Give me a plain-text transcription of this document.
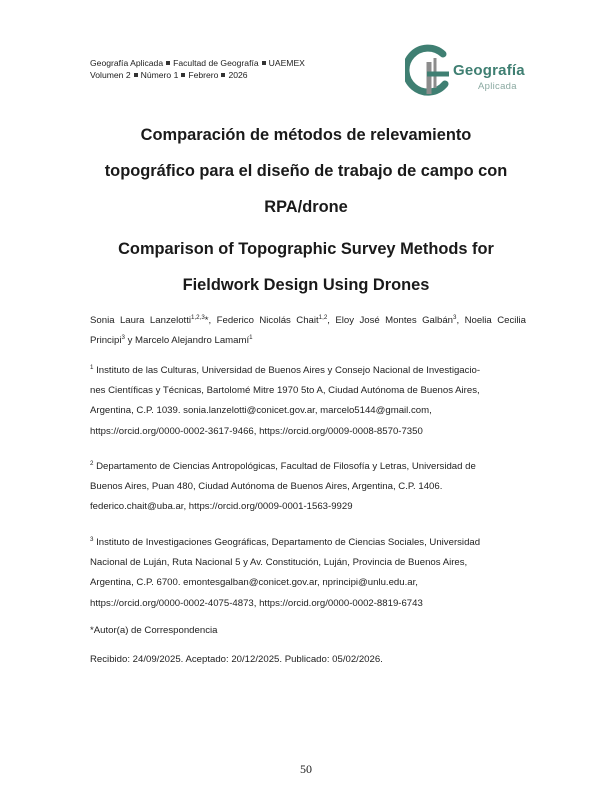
Geografía Aplicada Facultad de Geografía UAEMEX
Volumen 2 Número 1 Febrero 2026	Geografía
Aplicada
Comparación de métodos de relevamiento
topográfico para el diseño de trabajo de campo con
RPA/drone
Comparison of Topographic Survey Methods for
Fieldwork Design Using Drones
Sonia Laura Lanzelotti$^{1,2,3}$*, Federico Nicolás Chait$^{1,2}$, Eloy José Montes Galbán$^3$, Noelia Cecilia Principi$^3$ y Marcelo Alejandro Lamamí$^1$
$^1$ Instituto de las Culturas, Universidad de Buenos Aires y Consejo Nacional de Investigacio-
nes Científicas y Técnicas, Bartolomé Mitre 1970 5to A, Ciudad Autónoma de Buenos Aires,
Argentina, C.P. 1039. sonia.lanzelotti@conicet.gov.ar, marcelo5144@gmail.com,
https://orcid.org/0000-0002-3617-9466, https://orcid.org/0009-0008-8570-7350
$^2$ Departamento de Ciencias Antropológicas, Facultad de Filosofía y Letras, Universidad de
Buenos Aires, Puan 480, Ciudad Autónoma de Buenos Aires, Argentina, C.P. 1406.
federico.chait@uba.ar, https://orcid.org/0009-0001-1563-9929
$^3$ Instituto de Investigaciones Geográficas, Departamento de Ciencias Sociales, Universidad
Nacional de Luján, Ruta Nacional 5 y Av. Constitución, Luján, Provincia de Buenos Aires,
Argentina, C.P. 6700. emontesgalban@conicet.gov.ar, nprincipi@unlu.edu.ar,
https://orcid.org/0000-0002-4075-4873, https://orcid.org/0000-0002-8819-6743
*Autor(a) de Correspondencia
Recibido: 24/09/2025. Aceptado: 20/12/2025. Publicado: 05/02/2026.
50
